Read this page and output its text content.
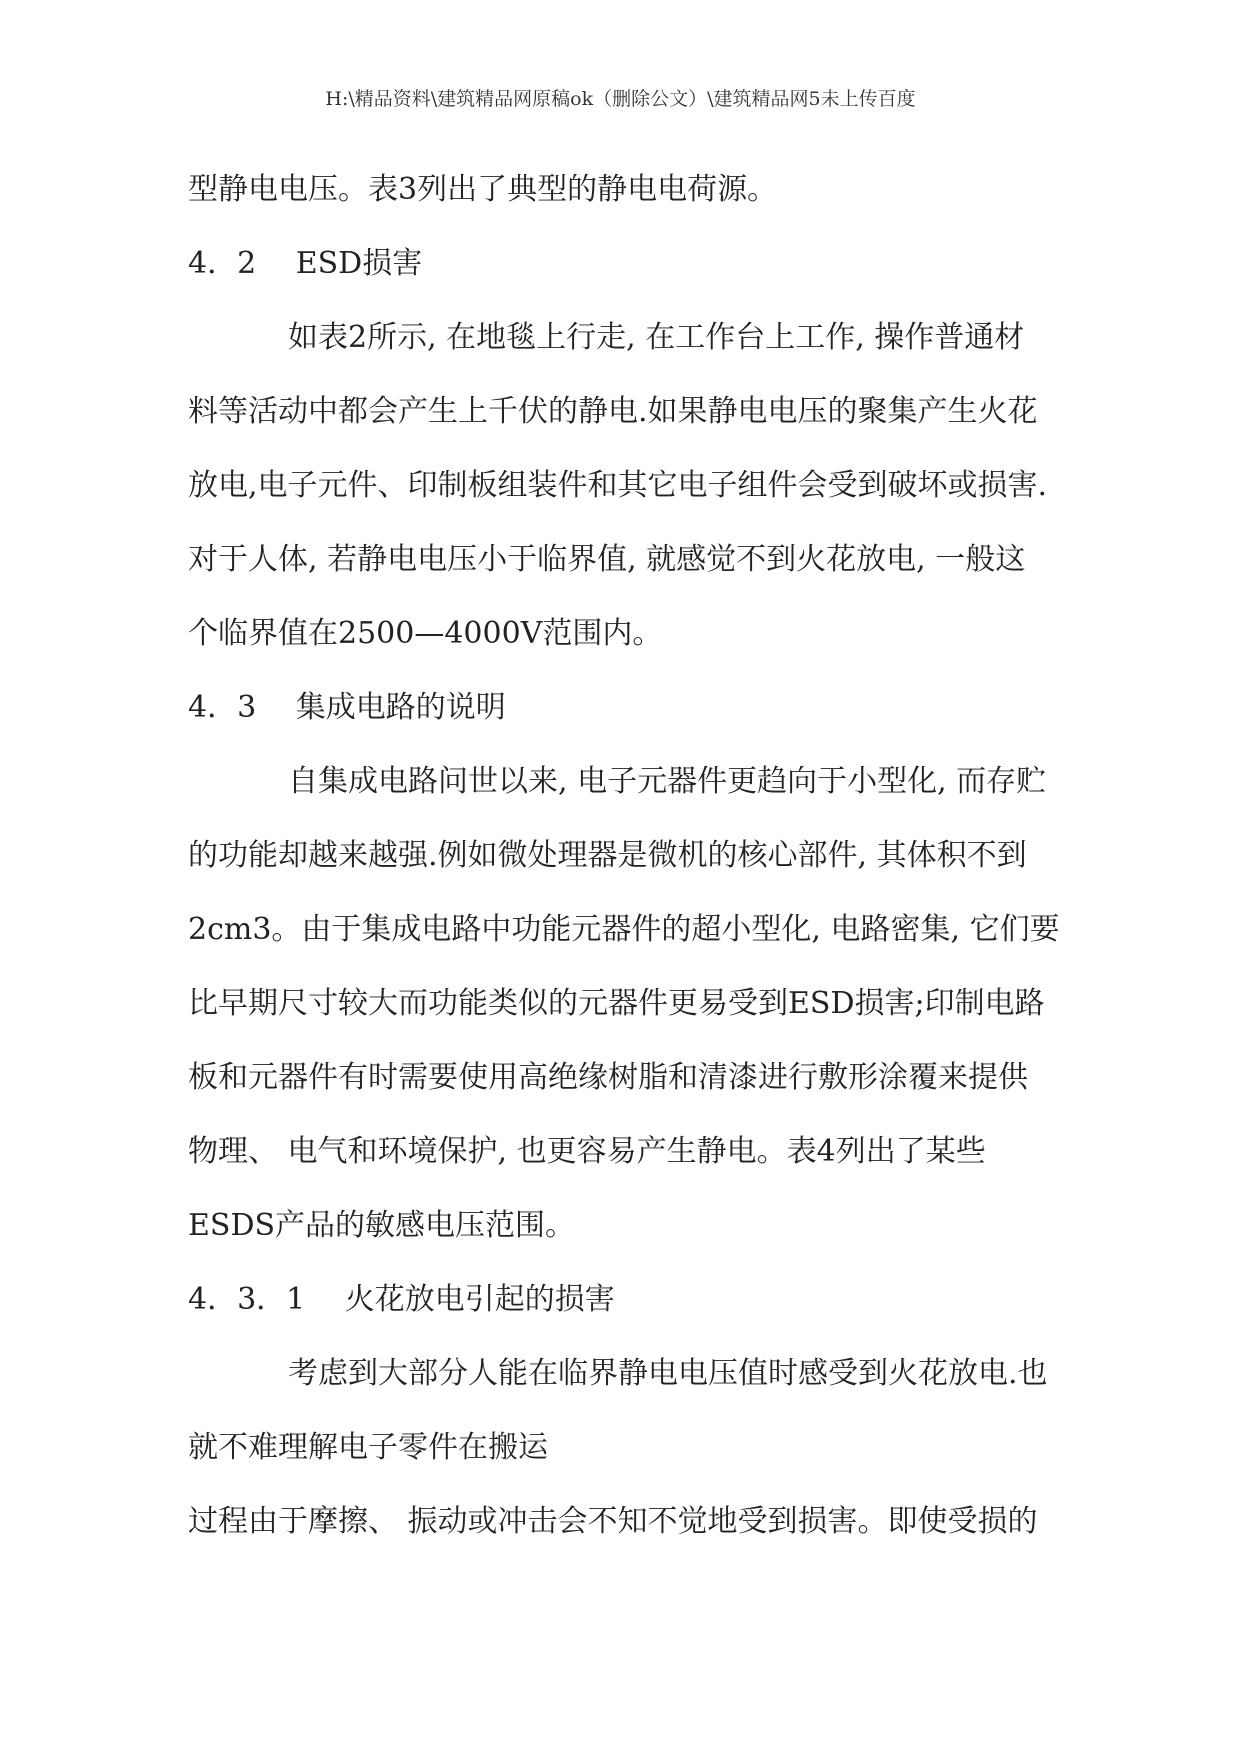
H:\精品资料\建筑精品网原稿ok（删除公文）\建筑精品网5未上传百度
型静电电压。表3列出了典型的静电电荷源。
4．2　 ESD损害
如表2所示, 在地毯上行走, 在工作台上工作, 操作普通材
料等活动中都会产生上千伏的静电.如果静电电压的聚集产生火花
放电,电子元件、印制板组装件和其它电子组件会受到破坏或损害.
对于人体, 若静电电压小于临界值, 就感觉不到火花放电, 一般这
个临界值在2500—4000V范围内。
4．3　 集成电路的说明
自集成电路问世以来, 电子元器件更趋向于小型化, 而存贮
的功能却越来越强.例如微处理器是微机的核心部件, 其体积不到
2cm3。由于集成电路中功能元器件的超小型化, 电路密集, 它们要
比早期尺寸较大而功能类似的元器件更易受到ESD损害;印制电路
板和元器件有时需要使用高绝缘树脂和清漆进行敷形涂覆来提供
物理、 电气和环境保护, 也更容易产生静电。表4列出了某些
ESDS产品的敏感电压范围。
4．3．1　 火花放电引起的损害
考虑到大部分人能在临界静电电压值时感受到火花放电.也
就不难理解电子零件在搬运
过程由于摩擦、 振动或冲击会不知不觉地受到损害。即使受损的
